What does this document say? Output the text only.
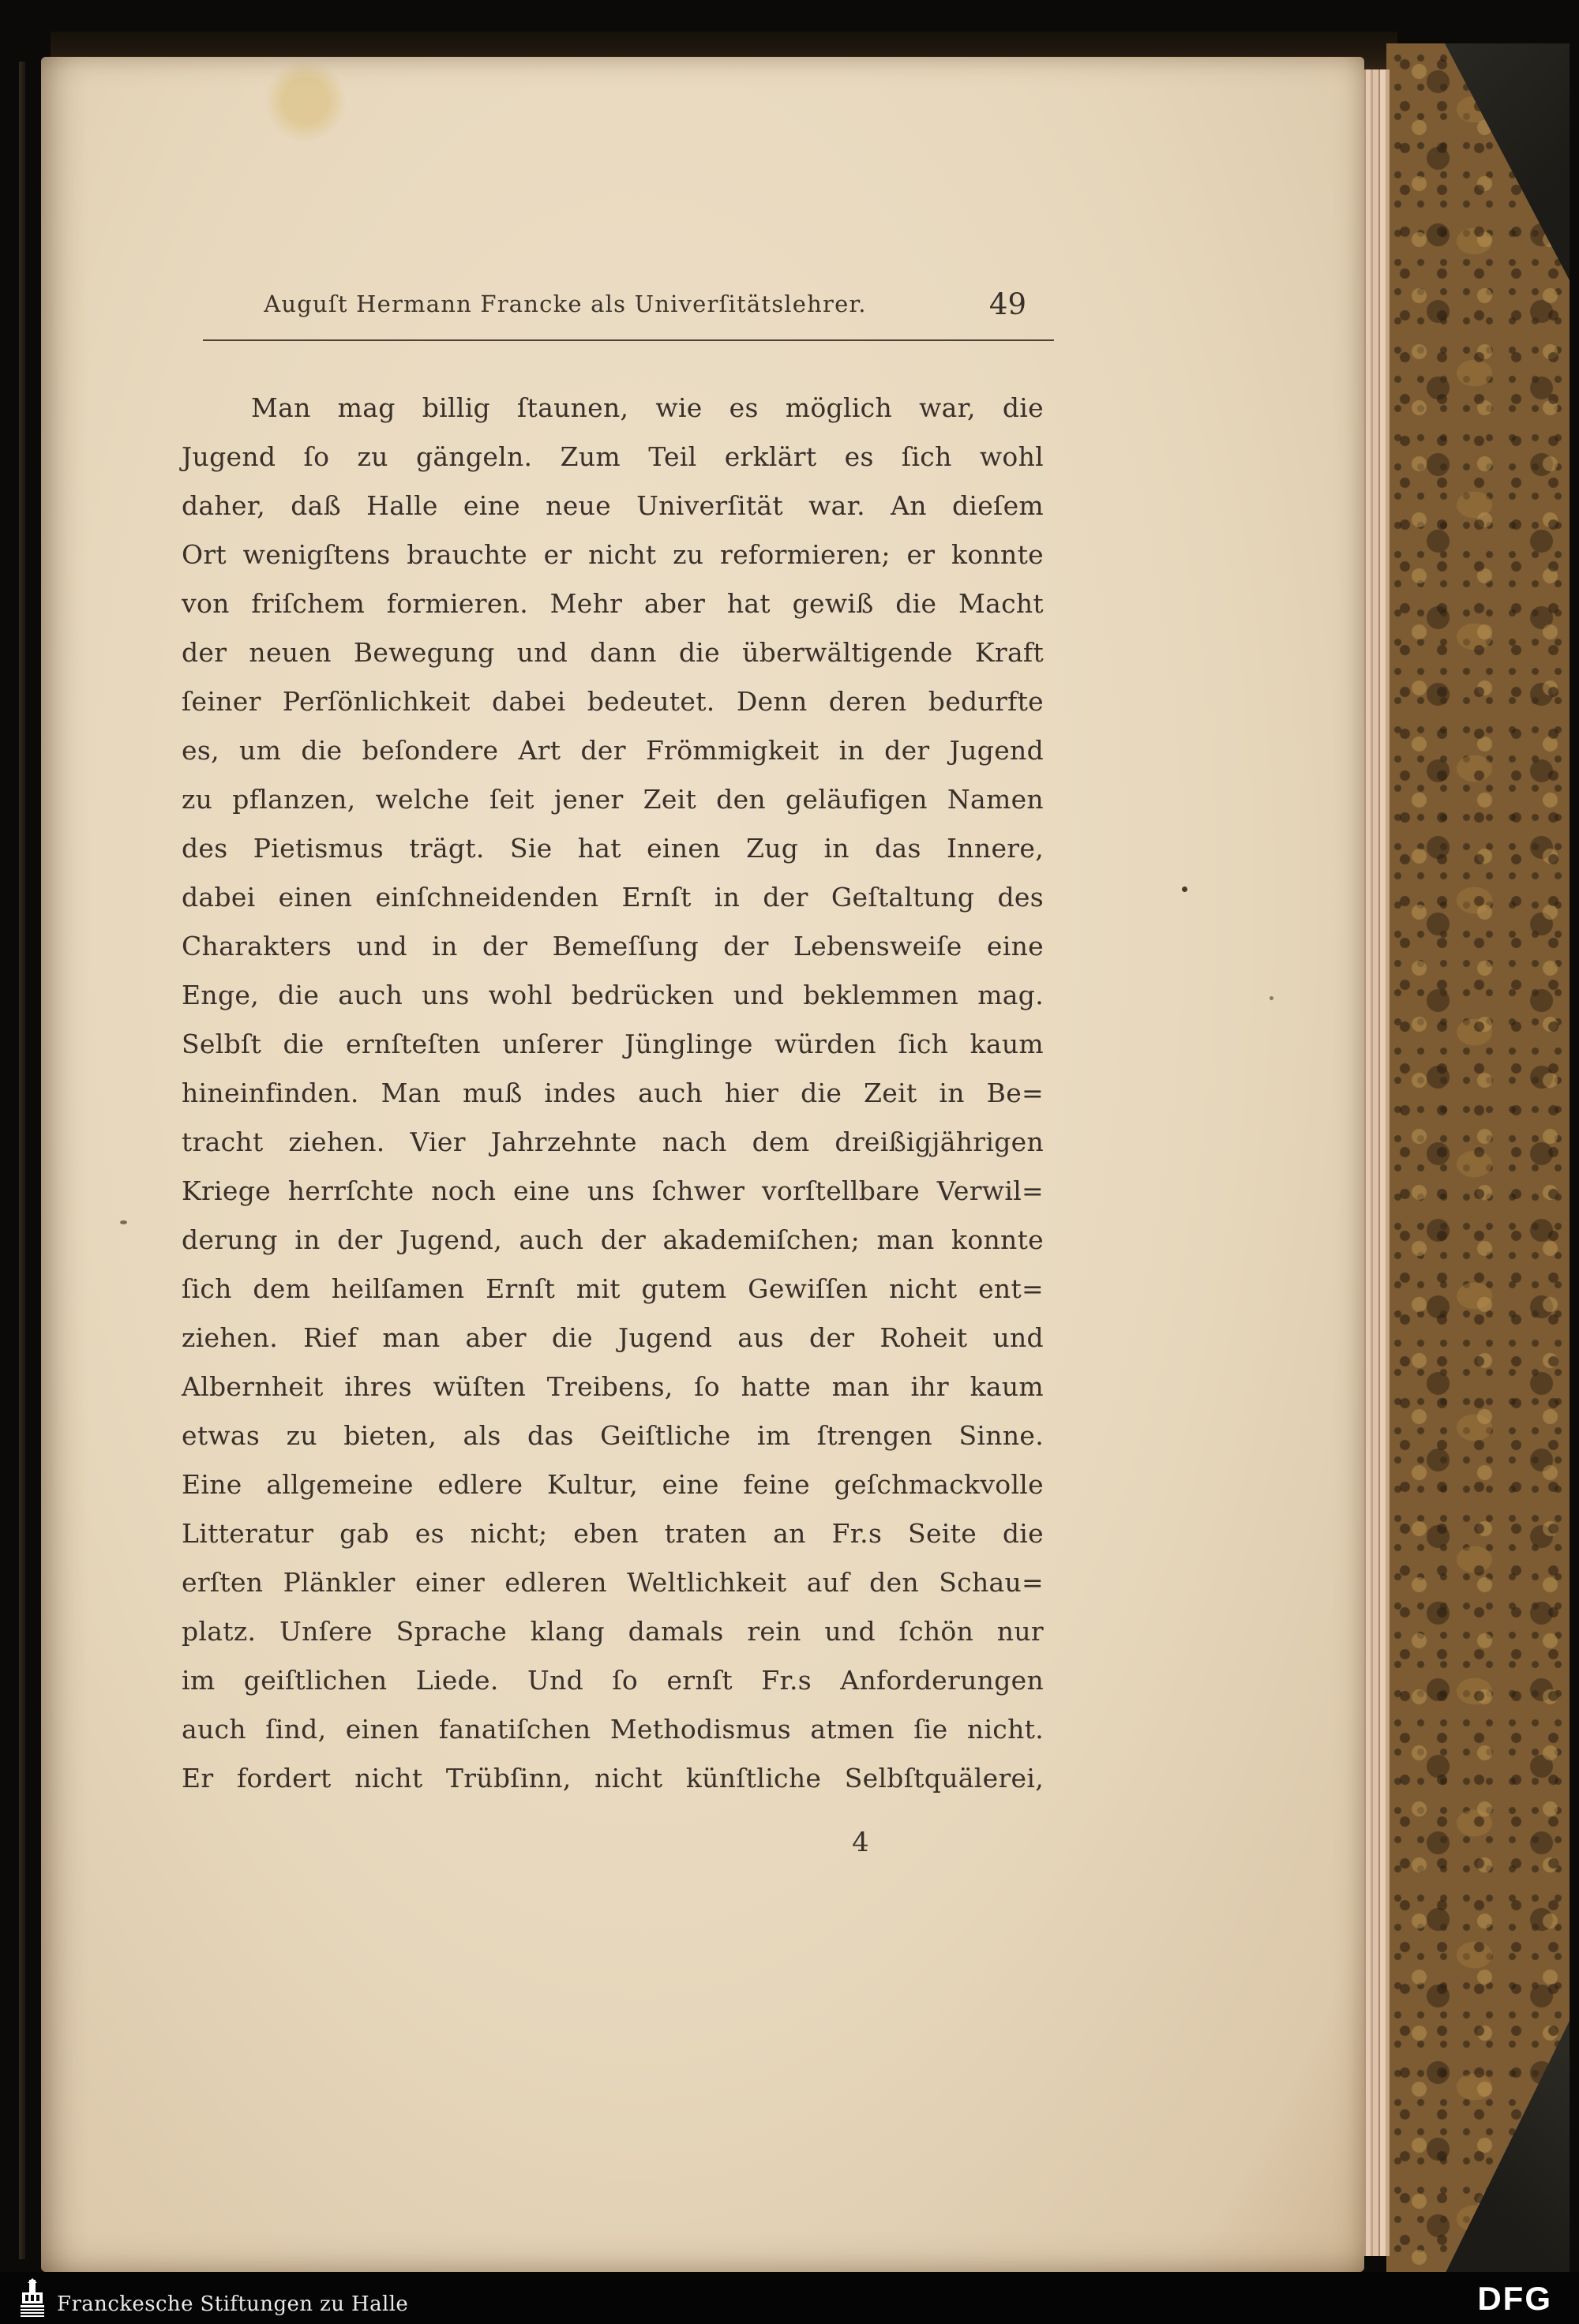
Auguſt Hermann Francke als Univerſitätslehrer.	49
Man mag billig ſtaunen, wie es möglich war, die
Jugend ſo zu gängeln. Zum Teil erklärt es ſich wohl
daher, daß Halle eine neue Univerſität war. An dieſem
Ort wenigſtens brauchte er nicht zu reformieren; er konnte
von friſchem formieren. Mehr aber hat gewiß die Macht
der neuen Bewegung und dann die überwältigende Kraft
ſeiner Perſönlichkeit dabei bedeutet. Denn deren bedurfte
es, um die beſondere Art der Frömmigkeit in der Jugend
zu pflanzen, welche ſeit jener Zeit den geläufigen Namen
des Pietismus trägt. Sie hat einen Zug in das Innere,
dabei einen einſchneidenden Ernſt in der Geſtaltung des
Charakters und in der Bemeſſung der Lebensweiſe eine
Enge, die auch uns wohl bedrücken und beklemmen mag.
Selbſt die ernſteſten unſerer Jünglinge würden ſich kaum
hineinfinden. Man muß indes auch hier die Zeit in Be=
tracht ziehen. Vier Jahrzehnte nach dem dreißigjährigen
Kriege herrſchte noch eine uns ſchwer vorſtellbare Verwil=
derung in der Jugend, auch der akademiſchen; man konnte
ſich dem heilſamen Ernſt mit gutem Gewiſſen nicht ent=
ziehen. Rief man aber die Jugend aus der Roheit und
Albernheit ihres wüſten Treibens, ſo hatte man ihr kaum
etwas zu bieten, als das Geiſtliche im ſtrengen Sinne.
Eine allgemeine edlere Kultur, eine feine geſchmackvolle
Litteratur gab es nicht; eben traten an Fr.s Seite die
erſten Plänkler einer edleren Weltlichkeit auf den Schau=
platz. Unſere Sprache klang damals rein und ſchön nur
im geiſtlichen Liede. Und ſo ernſt Fr.s Anforderungen
auch ſind, einen fanatiſchen Methodismus atmen ſie nicht.
Er fordert nicht Trübſinn, nicht künſtliche Selbſtquälerei,
4
Franckesche Stiftungen zu Halle	DFG
